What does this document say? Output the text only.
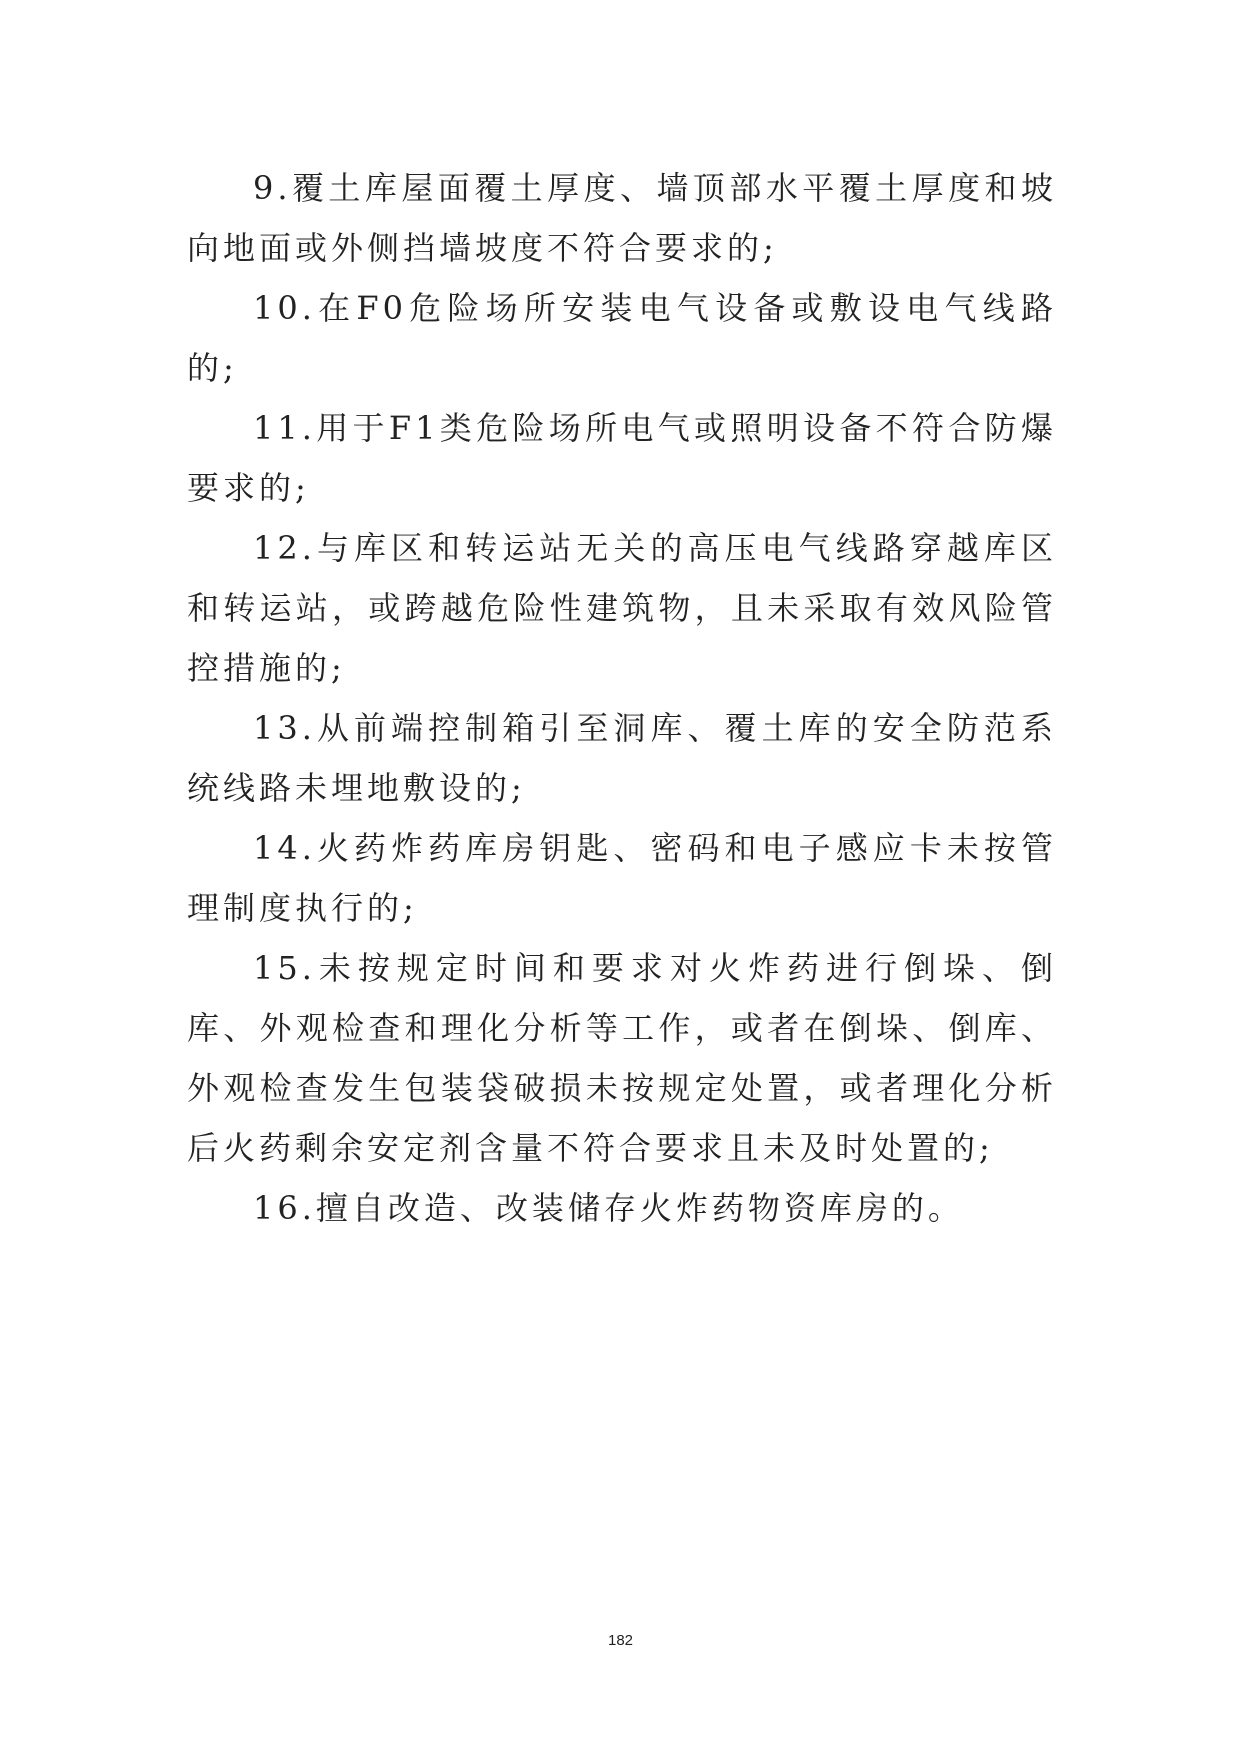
9.覆土库屋面覆土厚度、墙顶部水平覆土厚度和坡向地面或外侧挡墙坡度不符合要求的;

10.在F0危险场所安装电气设备或敷设电气线路的;

11.用于F1类危险场所电气或照明设备不符合防爆要求的;

12.与库区和转运站无关的高压电气线路穿越库区和转运站，或跨越危险性建筑物，且未采取有效风险管控措施的;

13.从前端控制箱引至洞库、覆土库的安全防范系统线路未埋地敷设的;

14.火药炸药库房钥匙、密码和电子感应卡未按管理制度执行的;

15.未按规定时间和要求对火炸药进行倒垛、倒库、外观检查和理化分析等工作，或者在倒垛、倒库、外观检查发生包装袋破损未按规定处置，或者理化分析后火药剩余安定剂含量不符合要求且未及时处置的;

16.擅自改造、改装储存火炸药物资库房的。

182
